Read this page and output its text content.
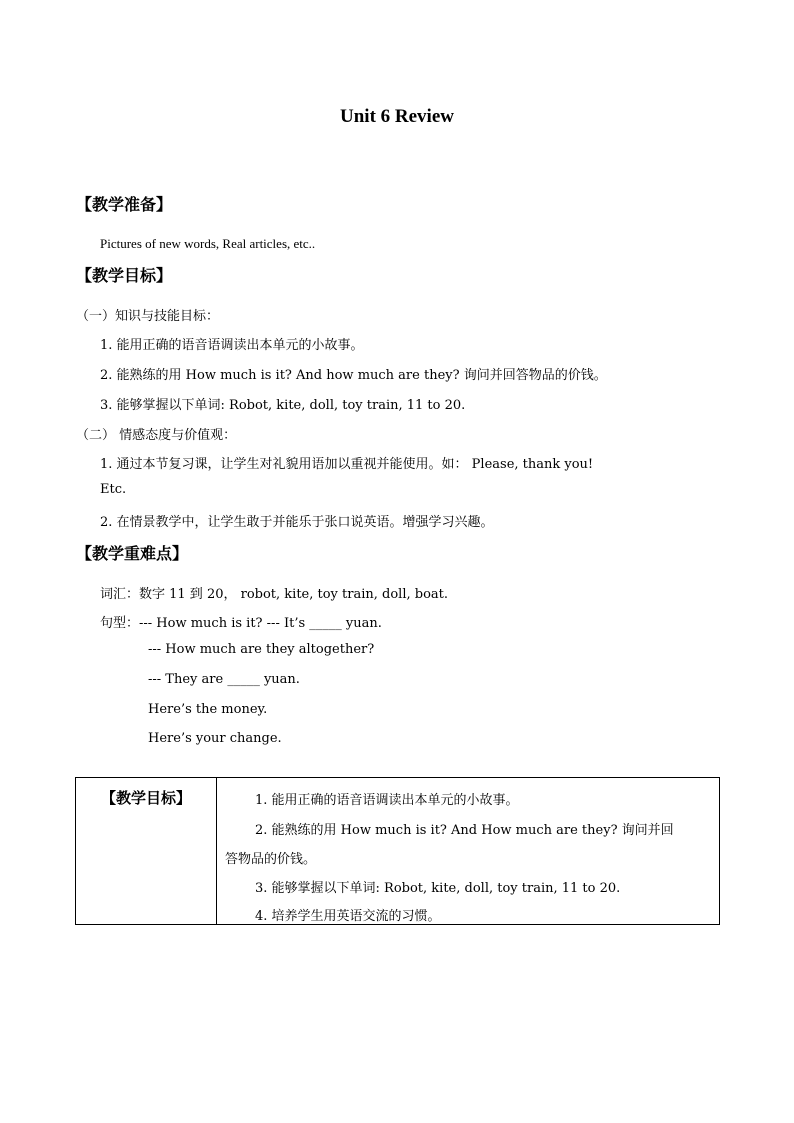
Unit 6 Review
【教学准备】
Pictures of new words, Real articles, etc..
【教学目标】
（一）知识与技能目标：
1. 能用正确的语音语调读出本单元的小故事。
2. 能熟练的用 How much is it? And how much are they? 询问并回答物品的价钱。
3. 能够掌握以下单词: Robot, kite, doll, toy train, 11 to 20.
（二） 情感态度与价值观：
1. 通过本节复习课，让学生对礼貌用语加以重视并能使用。如： Please, thank you!
Etc.
2. 在情景教学中，让学生敢于并能乐于张口说英语。增强学习兴趣。
【教学重难点】
词汇：数字 11 到 20， robot, kite, toy train, doll, boat.
句型：--- How much is it? --- It’s _____ yuan.
--- How much are they altogether?
--- They are _____ yuan.
Here’s the money.
Here’s your change.
【教学目标】	1. 能用正确的语音语调读出本单元的小故事。
2. 能熟练的用 How much is it? And How much are they? 询问并回
答物品的价钱。
3. 能够掌握以下单词: Robot, kite, doll, toy train, 11 to 20.
4. 培养学生用英语交流的习惯。
